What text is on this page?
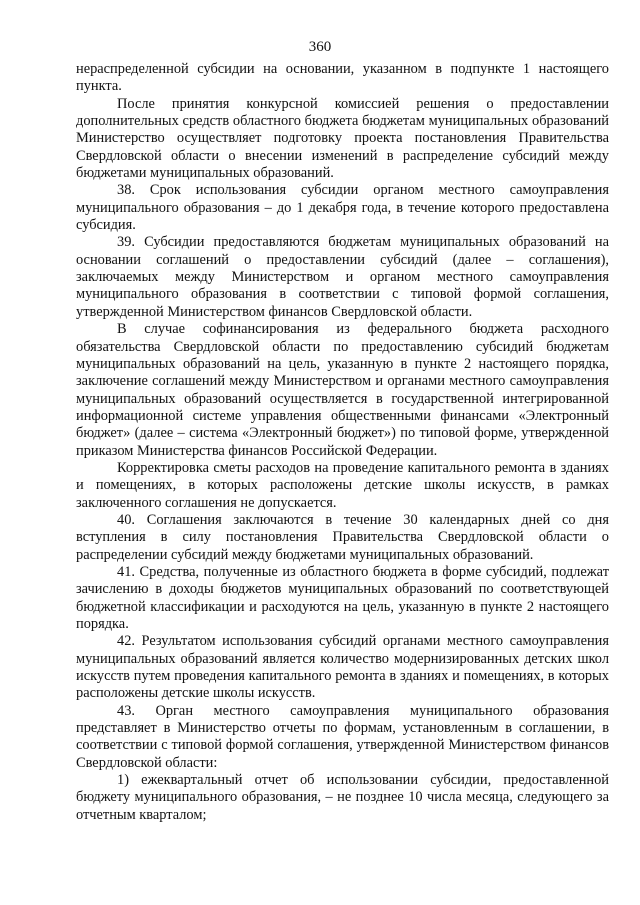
360

нераспределенной субсидии на основании, указанном в подпункте 1 настоящего пункта.

После принятия конкурсной комиссией решения о предоставлении дополнительных средств областного бюджета бюджетам муниципальных образований Министерство осуществляет подготовку проекта постановления Правительства Свердловской области о внесении изменений в распределение субсидий между бюджетами муниципальных образований.

38. Срок использования субсидии органом местного самоуправления муниципального образования – до 1 декабря года, в течение которого предоставлена субсидия.

39. Субсидии предоставляются бюджетам муниципальных образований на основании соглашений о предоставлении субсидий (далее – соглашения), заключаемых между Министерством и органом местного самоуправления муниципального образования в соответствии с типовой формой соглашения, утвержденной Министерством финансов Свердловской области.

В случае софинансирования из федерального бюджета расходного обязательства Свердловской области по предоставлению субсидий бюджетам муниципальных образований на цель, указанную в пункте 2 настоящего порядка, заключение соглашений между Министерством и органами местного самоуправления муниципальных образований осуществляется в государственной интегрированной информационной системе управления общественными финансами «Электронный бюджет» (далее – система «Электронный бюджет») по типовой форме, утвержденной приказом Министерства финансов Российской Федерации.

Корректировка сметы расходов на проведение капитального ремонта в зданиях и помещениях, в которых расположены детские школы искусств, в рамках заключенного соглашения не допускается.

40. Соглашения заключаются в течение 30 календарных дней со дня вступления в силу постановления Правительства Свердловской области о распределении субсидий между бюджетами муниципальных образований.

41. Средства, полученные из областного бюджета в форме субсидий, подлежат зачислению в доходы бюджетов муниципальных образований по соответствующей бюджетной классификации и расходуются на цель, указанную в пункте 2 настоящего порядка.

42. Результатом использования субсидий органами местного самоуправления муниципальных образований является количество модернизированных детских школ искусств путем проведения капитального ремонта в зданиях и помещениях, в которых расположены детские школы искусств.

43. Орган местного самоуправления муниципального образования представляет в Министерство отчеты по формам, установленным в соглашении, в соответствии с типовой формой соглашения, утвержденной Министерством финансов Свердловской области:

1) ежеквартальный отчет об использовании субсидии, предоставленной бюджету муниципального образования, – не позднее 10 числа месяца, следующего за отчетным кварталом;
